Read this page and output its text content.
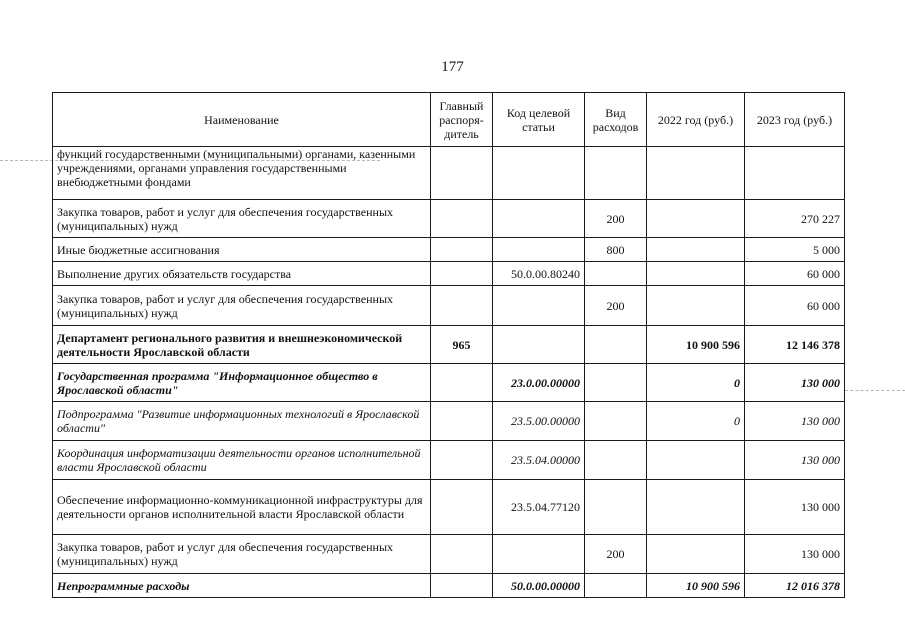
177
Наименование	Главный распоря-дитель	Код целевой статьи	Вид расходов	2022 год (руб.)	2023 год (руб.)
функций государственными (муниципальными) органами, казенными учреждениями, органами управления государственными внебюджетными фондами					
Закупка товаров, работ и услуг для обеспечения государственных (муниципальных) нужд			200		270 227
Иные бюджетные ассигнования			800		5 000
Выполнение других обязательств государства		50.0.00.80240			60 000
Закупка товаров, работ и услуг для обеспечения государственных (муниципальных) нужд			200		60 000
Департамент регионального развития и внешнеэкономической деятельности Ярославской области	965			10 900 596	12 146 378
Государственная программа "Информационное общество в Ярославской области"		23.0.00.00000		0	130 000
Подпрограмма "Развитие информационных технологий в Ярославской области"		23.5.00.00000		0	130 000
Координация информатизации деятельности органов исполнительной власти Ярославской области		23.5.04.00000			130 000
Обеспечение информационно-коммуникационной инфраструктуры для деятельности органов исполнительной власти Ярославской области		23.5.04.77120			130 000
Закупка товаров, работ и услуг для обеспечения государственных (муниципальных) нужд			200		130 000
Непрограммные расходы		50.0.00.00000		10 900 596	12 016 378
